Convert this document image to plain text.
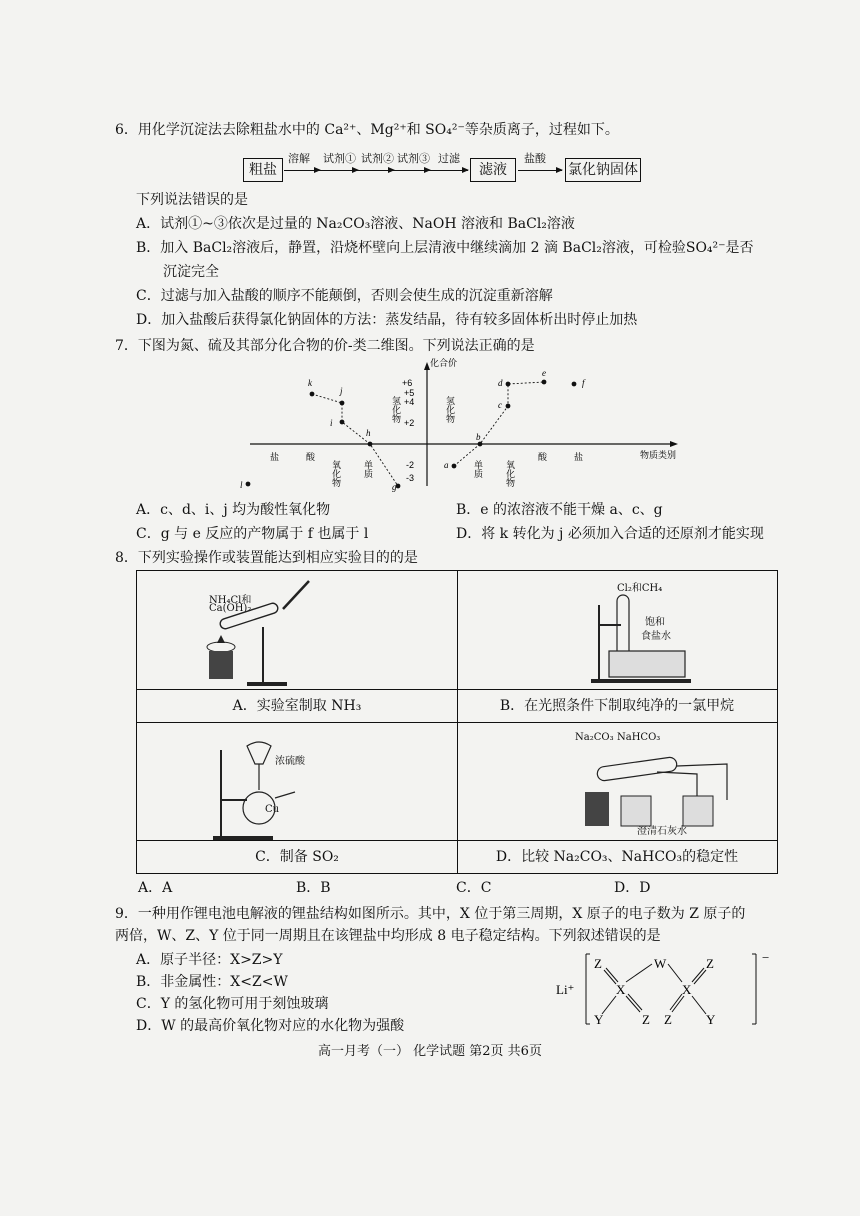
6．用化学沉淀法去除粗盐水中的 Ca²⁺、Mg²⁺和 SO₄²⁻等杂质离子，过程如下。
粗盐
溶解 试剂① 试剂② 试剂③ 过滤
滤液
盐酸
氯化钠固体
下列说法错误的是
A．试剂①~③依次是过量的 Na₂CO₃溶液、NaOH 溶液和 BaCl₂溶液
B．加入 BaCl₂溶液后，静置，沿烧杯壁向上层清液中继续滴加 2 滴 BaCl₂溶液，可检验SO₄²⁻是否
沉淀完全
C．过滤与加入盐酸的顺序不能颠倒，否则会使生成的沉淀重新溶解
D．加入盐酸后获得氯化钠固体的方法：蒸发结晶，待有较多固体析出时停止加热
7．下图为氮、硫及其部分化合物的价-类二维图。下列说法正确的是
化合价
+6
+5
+4
+2
-2
-3
物质类别
盐	酸
氧化物 单质
氢化物	氢化物
单质 氧化物
酸	盐
k
j
i
h
g
l
a
b
c
d
e
f
A．c、d、i、j 均为酸性氧化物	B．e 的浓溶液不能干燥 a、c、g
C．g 与 e 反应的产物属于 f 也属于 l	D．将 k 转化为 j 必须加入合适的还原剂才能实现
8．下列实验操作或装置能达到相应实验目的的是
NH₄Cl和
Ca(OH)₂
A．实验室制取 NH₃
Cl₂和CH₄
饱和
食盐水
B．在光照条件下制取纯净的一氯甲烷
浓硫酸
Cu
C．制备 SO₂
Na₂CO₃ NaHCO₃
澄清石灰水
D．比较 Na₂CO₃、NaHCO₃的稳定性
A．A	B．B	C．C	D．D
9．一种用作锂电池电解液的锂盐结构如图所示。其中，X 位于第三周期，X 原子的电子数为 Z 原子的
两倍，W、Z、Y 位于同一周期且在该锂盐中均形成 8 电子稳定结构。下列叙述错误的是
A．原子半径：X>Z>Y
B．非金属性：X<Z<W
C．Y 的氢化物可用于刻蚀玻璃
D．W 的最高价氧化物对应的水化物为强酸
Li⁺
−
Z	W	Z
X	X
Y	Z Z	Y
高一月考（一） 化学试题 第2页 共6页
